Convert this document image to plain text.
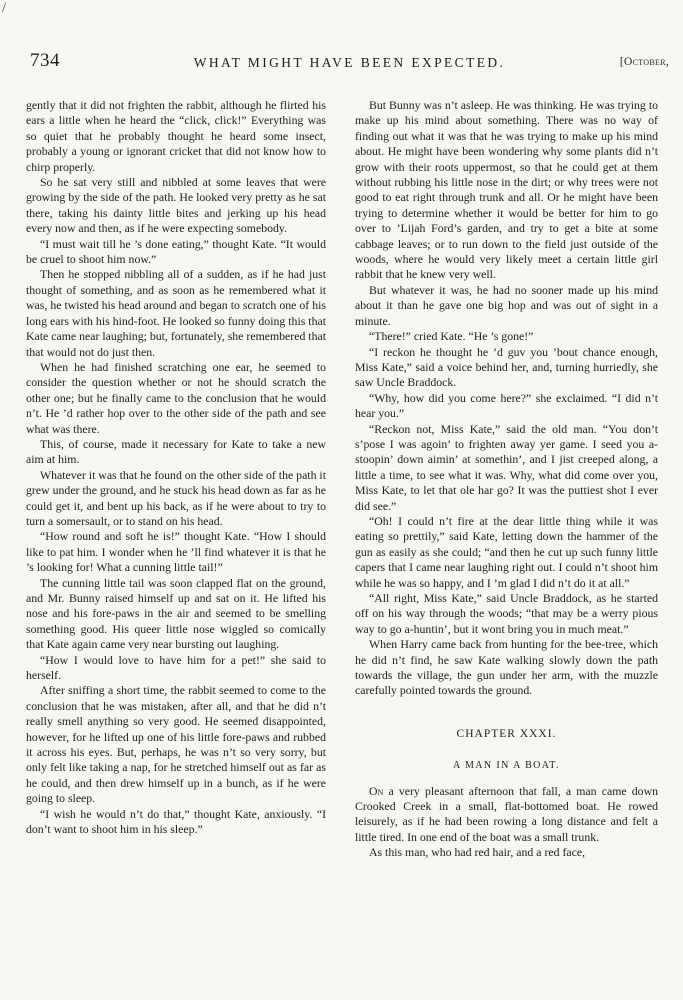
/
734	WHAT MIGHT HAVE BEEN EXPECTED.	[October,

gently that it did not frighten the rabbit, although he flirted his ears a little when he heard the “click, click!” Everything was so quiet that he probably thought he heard some insect, probably a young or ignorant cricket that did not know how to chirp properly.

So he sat very still and nibbled at some leaves that were growing by the side of the path. He looked very pretty as he sat there, taking his dainty little bites and jerking up his head every now and then, as if he were expecting somebody.

“I must wait till he ’s done eating,” thought Kate. “It would be cruel to shoot him now.”

Then he stopped nibbling all of a sudden, as if he had just thought of something, and as soon as he remembered what it was, he twisted his head around and began to scratch one of his long ears with his hind-foot. He looked so funny doing this that Kate came near laughing; but, fortunately, she remembered that that would not do just then.

When he had finished scratching one ear, he seemed to consider the question whether or not he should scratch the other one; but he finally came to the conclusion that he would n’t. He ’d rather hop over to the other side of the path and see what was there.

This, of course, made it necessary for Kate to take a new aim at him.

Whatever it was that he found on the other side of the path it grew under the ground, and he stuck his head down as far as he could get it, and bent up his back, as if he were about to try to turn a somersault, or to stand on his head.

“How round and soft he is!” thought Kate. “How I should like to pat him. I wonder when he ’ll find whatever it is that he ’s looking for! What a cunning little tail!”

The cunning little tail was soon clapped flat on the ground, and Mr. Bunny raised himself up and sat on it. He lifted his nose and his fore-paws in the air and seemed to be smelling something good. His queer little nose wiggled so comically that Kate again came very near bursting out laughing.

“How I would love to have him for a pet!” she said to herself.

After sniffing a short time, the rabbit seemed to come to the conclusion that he was mistaken, after all, and that he did n’t really smell anything so very good. He seemed disappointed, however, for he lifted up one of his little fore-paws and rubbed it across his eyes. But, perhaps, he was n’t so very sorry, but only felt like taking a nap, for he stretched himself out as far as he could, and then drew himself up in a bunch, as if he were going to sleep.

“I wish he would n’t do that,” thought Kate, anxiously. “I don’t want to shoot him in his sleep.”

But Bunny was n’t asleep. He was thinking. He was trying to make up his mind about something. There was no way of finding out what it was that he was trying to make up his mind about. He might have been wondering why some plants did n’t grow with their roots uppermost, so that he could get at them without rubbing his little nose in the dirt; or why trees were not good to eat right through trunk and all. Or he might have been trying to determine whether it would be better for him to go over to ’Lijah Ford’s garden, and try to get a bite at some cabbage leaves; or to run down to the field just outside of the woods, where he would very likely meet a certain little girl rabbit that he knew very well.

But whatever it was, he had no sooner made up his mind about it than he gave one big hop and was out of sight in a minute.

“There!” cried Kate. “He ’s gone!”

“I reckon he thought he ’d guv you ’bout chance enough, Miss Kate,” said a voice behind her, and, turning hurriedly, she saw Uncle Braddock.

“Why, how did you come here?” she exclaimed. “I did n’t hear you.”

“Reckon not, Miss Kate,” said the old man. “You don’t s’pose I was agoin’ to frighten away yer game. I seed you a-stoopin’ down aimin’ at somethin’, and I jist creeped along, a little a time, to see what it was. Why, what did come over you, Miss Kate, to let that ole har go? It was the puttiest shot I ever did see.”

“Oh! I could n’t fire at the dear little thing while it was eating so prettily,” said Kate, letting down the hammer of the gun as easily as she could; “and then he cut up such funny little capers that I came near laughing right out. I could n’t shoot him while he was so happy, and I ’m glad I did n’t do it at all.”

“All right, Miss Kate,” said Uncle Braddock, as he started off on his way through the woods; “that may be a werry pious way to go a-huntin’, but it wont bring you in much meat.”

When Harry came back from hunting for the bee-tree, which he did n’t find, he saw Kate walking slowly down the path towards the village, the gun under her arm, with the muzzle carefully pointed towards the ground.

CHAPTER XXXI.
A MAN IN A BOAT.

On a very pleasant afternoon that fall, a man came down Crooked Creek in a small, flat-bottomed boat. He rowed leisurely, as if he had been rowing a long distance and felt a little tired. In one end of the boat was a small trunk.

As this man, who had red hair, and a red face,
